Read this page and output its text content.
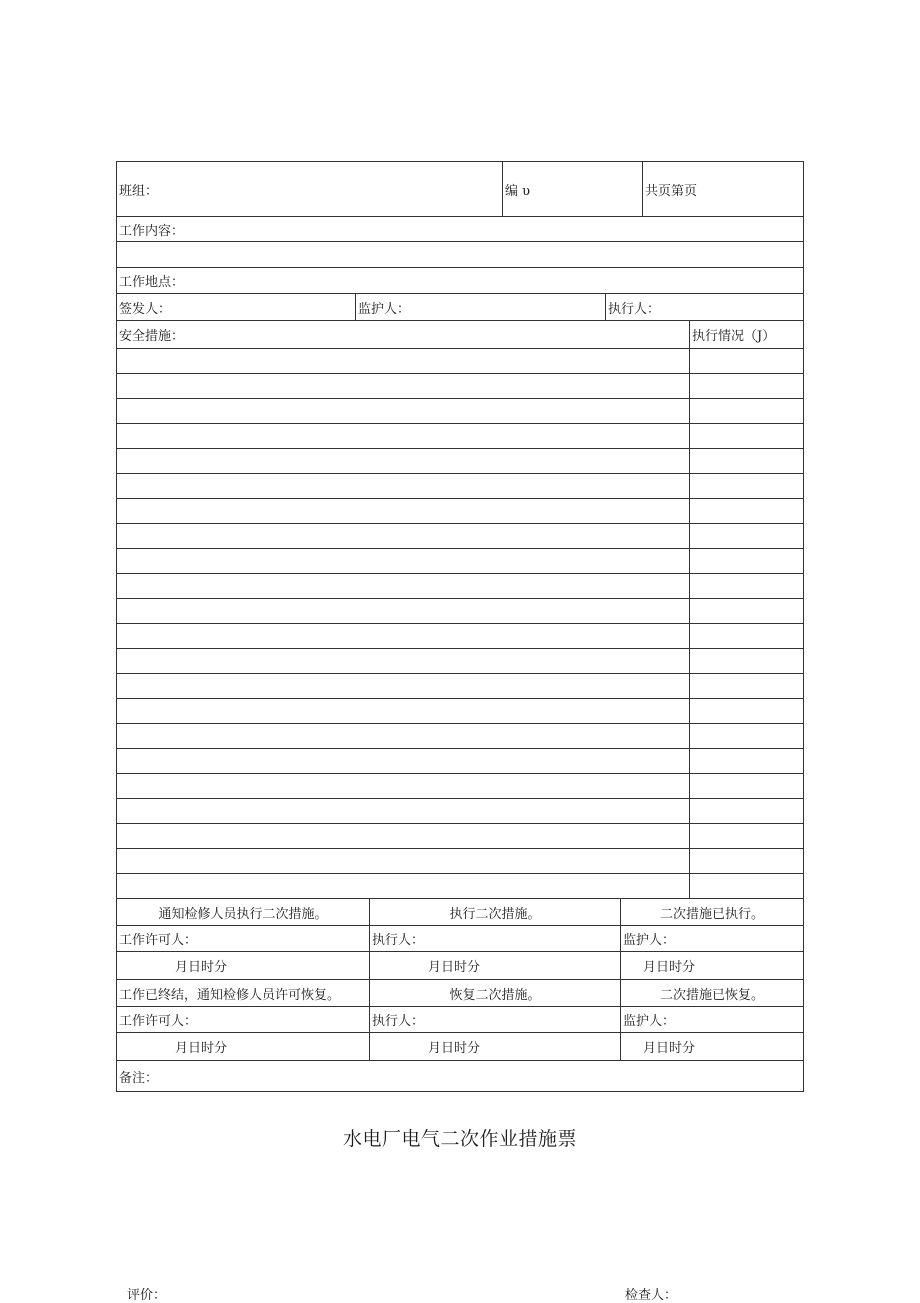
班组：	编 υ	共页第页
工作内容：
工作地点：
签发人：	监护人：	执行人：
安全措施：	执行情况（J）
通知检修人员执行二次措施。	执行二次措施。	二次措施已执行。
工作许可人：	执行人：	监护人：
月日时分	月日时分	月日时分
工作已终结，通知检修人员许可恢复。	恢复二次措施。	二次措施已恢复。
工作许可人：	执行人：	监护人：
月日时分	月日时分	月日时分
备注：
水电厂电气二次作业措施票
评价：	检查人：
